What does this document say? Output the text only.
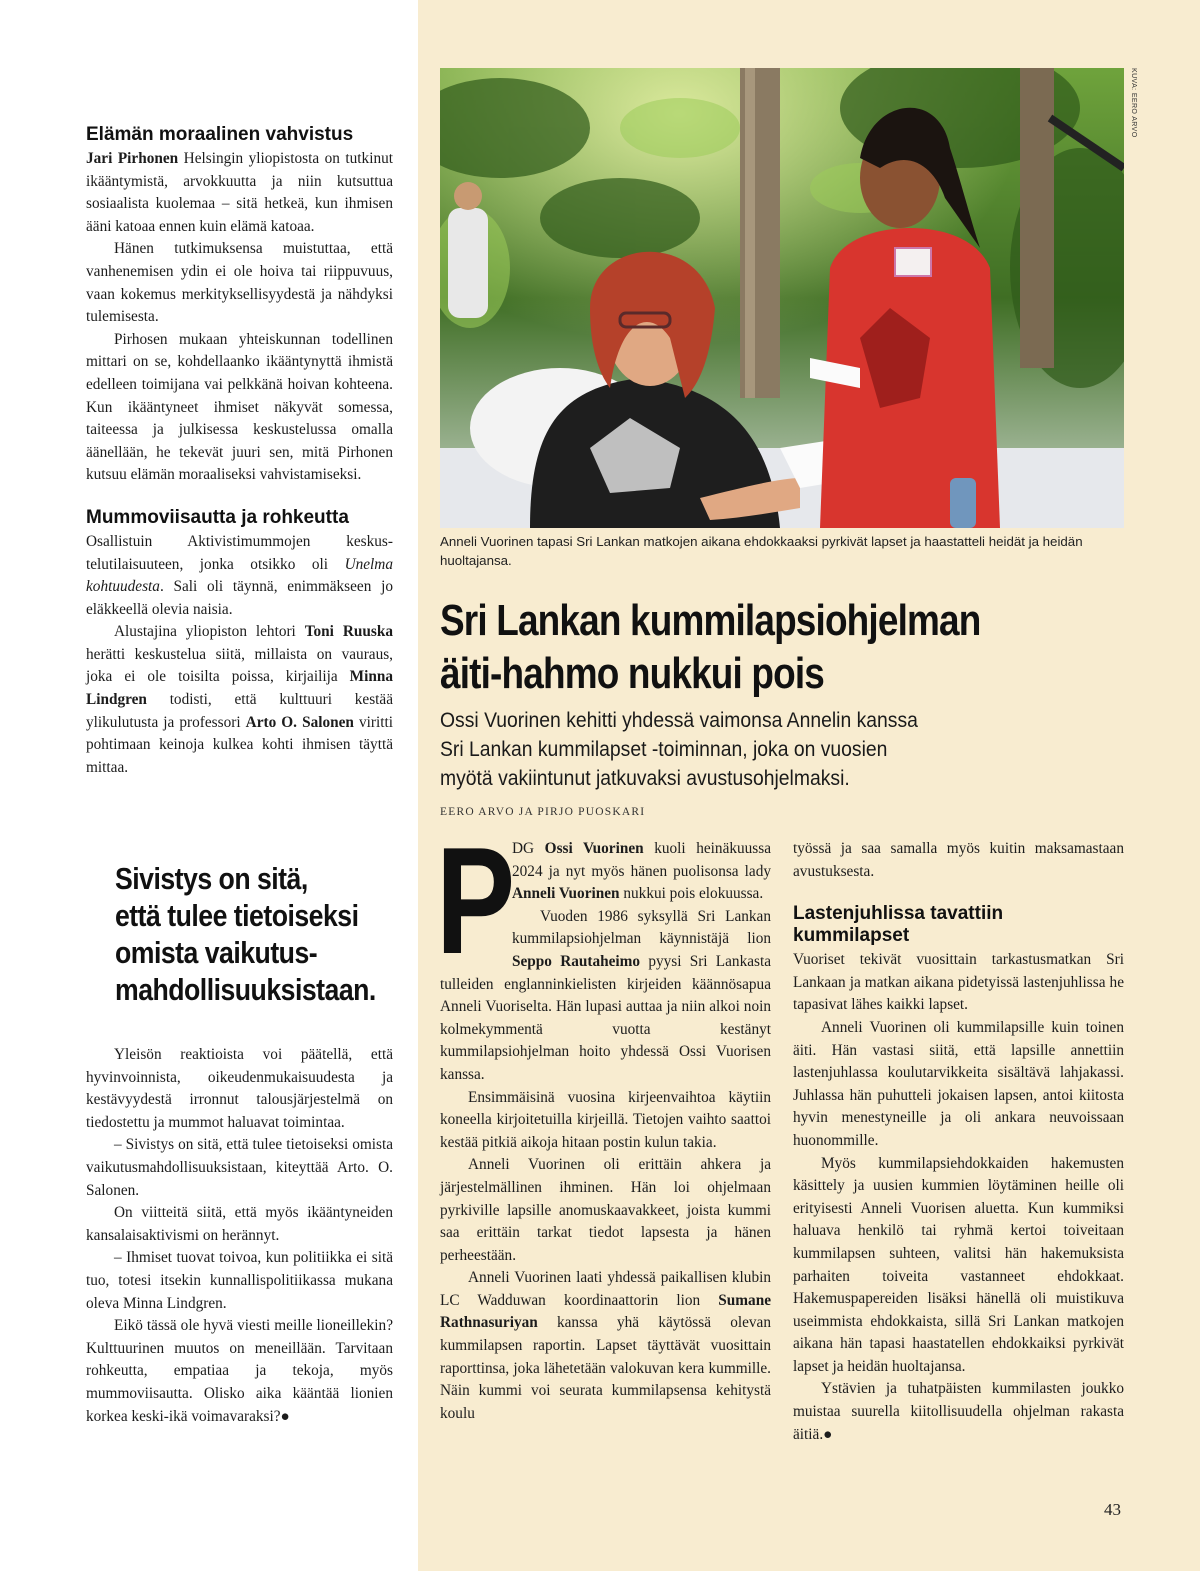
Elämän moraalinen vahvistus

Jari Pirhonen Helsingin yliopistosta on tutkinut ikääntymistä, arvokkuutta ja niin kutsuttua sosiaalista kuolemaa – sitä hetkeä, kun ihmisen ääni katoaa ennen kuin elämä katoaa.

Hänen tutkimuksensa muistuttaa, että vanhenemisen ydin ei ole hoiva tai riippuvuus, vaan kokemus merkityksellisyydestä ja nähdyksi tulemisesta.

Pirhosen mukaan yhteiskunnan todellinen mittari on se, kohdellaanko ikääntynyttä ihmistä edelleen toimijana vai pelkkänä hoivan kohteena. Kun ikääntyneet ihmiset näkyvät somessa, taiteessa ja julkisessa keskustelussa omalla äänellään, he tekevät juuri sen, mitä Pirhonen kutsuu elämän moraaliseksi vahvistamiseksi.

Mummoviisautta ja rohkeutta

Osallistuin Aktivistimummojen keskustelutilaisuuteen, jonka otsikko oli Unelma kohtuudesta. Sali oli täynnä, enimmäkseen jo eläkkeellä olevia naisia.

Alustajina yliopiston lehtori Toni Ruuska herätti keskustelua siitä, millaista on vauraus, joka ei ole toisilta poissa, kirjailija Minna Lindgren todisti, että kulttuuri kestää ylikulutusta ja professori Arto O. Salonen viritti pohtimaan keinoja kulkea kohti ihmisen täyttä mittaa.

Sivistys on sitä,
että tulee tietoiseksi
omista vaikutus-
mahdollisuuksistaan.

Yleisön reaktioista voi päätellä, että hyvinvoinnista, oikeudenmukaisuudesta ja kestävyydestä irronnut talousjärjestelmä on tiedostettu ja mummot haluavat toimintaa.

– Sivistys on sitä, että tulee tietoiseksi omista vaikutusmahdollisuuksistaan, kiteyttää Arto. O. Salonen.

On viitteitä siitä, että myös ikääntyneiden kansalaisaktivismi on herännyt.

– Ihmiset tuovat toivoa, kun politiikka ei sitä tuo, totesi itsekin kunnallispolitiikassa mukana oleva Minna Lindgren.

Eikö tässä ole hyvä viesti meille lioneillekin? Kulttuurinen muutos on meneillään. Tarvitaan rohkeutta, empatiaa ja tekoja, myös mummoviisautta. Olisko aika kääntää lionien korkea keski-ikä voimavaraksi?●

KUVA: EERO ARVO
Anneli Vuorinen tapasi Sri Lankan matkojen aikana ehdokkaaksi pyrkivät lapset ja haastatteli heidät ja heidän huoltajansa.
Sri Lankan kummilapsiohjelman
äiti-hahmo nukkui pois
Ossi Vuorinen kehitti yhdessä vaimonsa Annelin kanssa
Sri Lankan kummilapset -toiminnan, joka on vuosien
myötä vakiintunut jatkuvaksi avustusohjelmaksi.
EERO ARVO JA PIRJO PUOSKARI
P

DG Ossi Vuorinen kuoli heinäkuussa 2024 ja nyt myös hänen puolisonsa lady Anneli Vuorinen nukkui pois elokuussa.

Vuoden 1986 syksyllä Sri Lankan kummilapsiohjelman käynnistäjä lion Seppo Rautaheimo pyysi Sri Lankasta tulleiden englanninkielisten kirjeiden käännösapua Anneli Vuoriselta. Hän lupasi auttaa ja niin alkoi noin kolmekymmentä vuotta kestänyt kummilapsiohjelman hoito yhdessä Ossi Vuorisen kanssa.

Ensimmäisinä vuosina kirjeenvaihtoa käytiin koneella kirjoitetuilla kirjeillä. Tietojen vaihto saattoi kestää pitkiä aikoja hitaan postin kulun takia.

Anneli Vuorinen oli erittäin ahkera ja järjestelmällinen ihminen. Hän loi ohjelmaan pyrkiville lapsille anomuskaavakkeet, joista kummi saa erittäin tarkat tiedot lapsesta ja hänen perheestään.

Anneli Vuorinen laati yhdessä paikallisen klubin LC Wadduwan koordinaattorin lion Sumane Rathnasuriyan kanssa yhä käytössä olevan kummilapsen raportin. Lapset täyttävät vuosittain raporttinsa, joka lähetetään valokuvan kera kummille. Näin kummi voi seurata kummilapsensa kehitystä koulu

työssä ja saa samalla myös kuitin maksamastaan avustuksesta.
Lastenjuhlissa tavattiin kummilapset

Vuoriset tekivät vuosittain tarkastusmatkan Sri Lankaan ja matkan aikana pidetyissä lastenjuhlissa he tapasivat lähes kaikki lapset.

Anneli Vuorinen oli kummilapsille kuin toinen äiti. Hän vastasi siitä, että lapsille annettiin lastenjuhlassa koulutarvikkeita sisältävä lahjakassi. Juhlassa hän puhutteli jokaisen lapsen, antoi kiitosta hyvin menestyneille ja oli ankara neuvoissaan huonommille.

Myös kummilapsiehdokkaiden hakemusten käsittely ja uusien kummien löytäminen heille oli erityisesti Anneli Vuorisen aluetta. Kun kummiksi haluava henkilö tai ryhmä kertoi toiveitaan kummilapsen suhteen, valitsi hän hakemuksista parhaiten toiveita vastanneet ehdokkaat. Hakemuspapereiden lisäksi hänellä oli muistikuva useimmista ehdokkaista, sillä Sri Lankan matkojen aikana hän tapasi haastatellen ehdokkaiksi pyrkivät lapset ja heidän huoltajansa.

Ystävien ja tuhatpäisten kummilasten joukko muistaa suurella kiitollisuudella ohjelman rakasta äitiä.●

43
